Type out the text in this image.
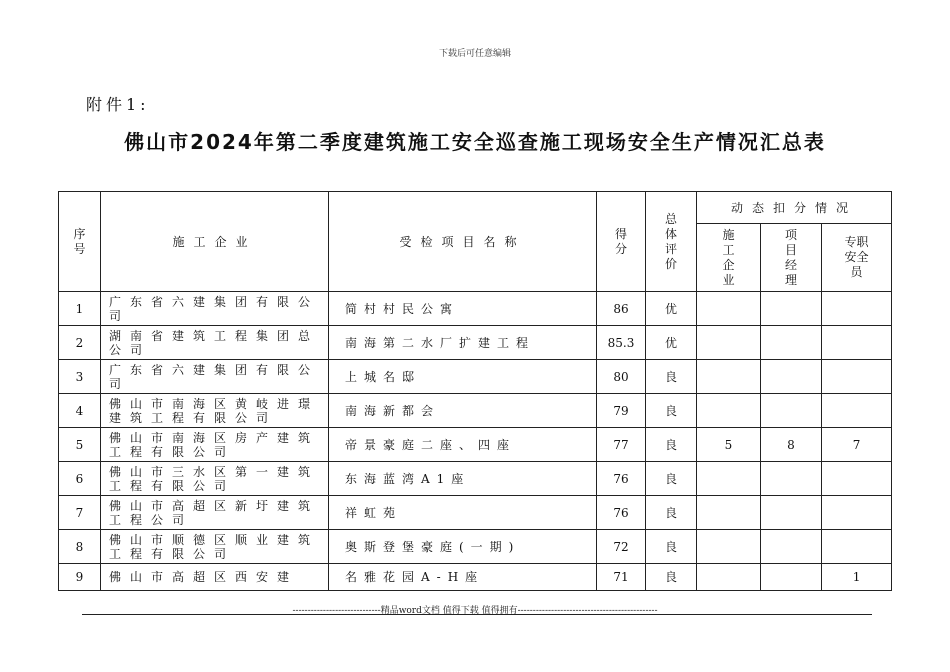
下载后可任意编辑
附件1:
佛山市2024年第二季度建筑施工安全巡查施工现场安全生产情况汇总表
序号	施工企业	受检项目名称	得分	总体评价	动态扣分情况		
					施工企业	项目经理	专职安全员
1	广东省六建集团有限公司	简村村民公寓	86	优			
2	湖南省建筑工程集团总公司	南海第二水厂扩建工程	85.3	优			
3	广东省六建集团有限公司	上城名邸	80	良			
4	佛山市南海区黄岐进璟建筑工程有限公司	南海新都会	79	良			
5	佛山市南海区房产建筑工程有限公司	帝景豪庭二座、四座	77	良	5	8	7
6	佛山市三水区第一建筑工程有限公司	东海蓝湾A1座	76	良			
7	佛山市高超区新圩建筑工程公司	祥虹苑	76	良			
8	佛山市顺德区顺业建筑工程有限公司	奥斯登堡豪庭(一期)	72	良			
9	佛山市高超区西安建	名雅花园A-H座	71	良			1
-----------------------------精品word文档 值得下载 值得拥有----------------------------------------------
